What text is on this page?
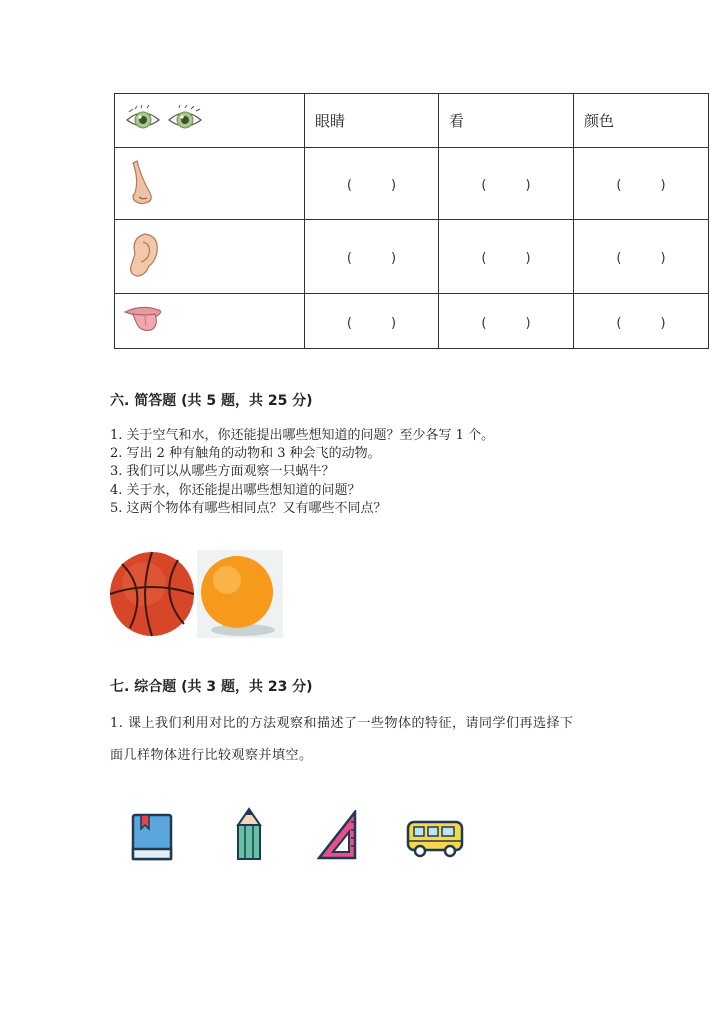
	眼睛	看	颜色
	(　　　)	(　　　)	(　　　)
	(　　　)	(　　　)	(　　　)
	(　　　)	(　　　)	(　　　)
六. 简答题 (共 5 题，共 25 分)
1. 关于空气和水，你还能提出哪些想知道的问题？至少各写 1 个。
2. 写出 2 种有触角的动物和 3 种会飞的动物。
3. 我们可以从哪些方面观察一只蜗牛？
4. 关于水，你还能提出哪些想知道的问题？
5. 这两个物体有哪些相同点？又有哪些不同点？
七. 综合题 (共 3 题，共 23 分)
1. 课上我们利用对比的方法观察和描述了一些物体的特征，请同学们再选择下
面几样物体进行比较观察并填空。
